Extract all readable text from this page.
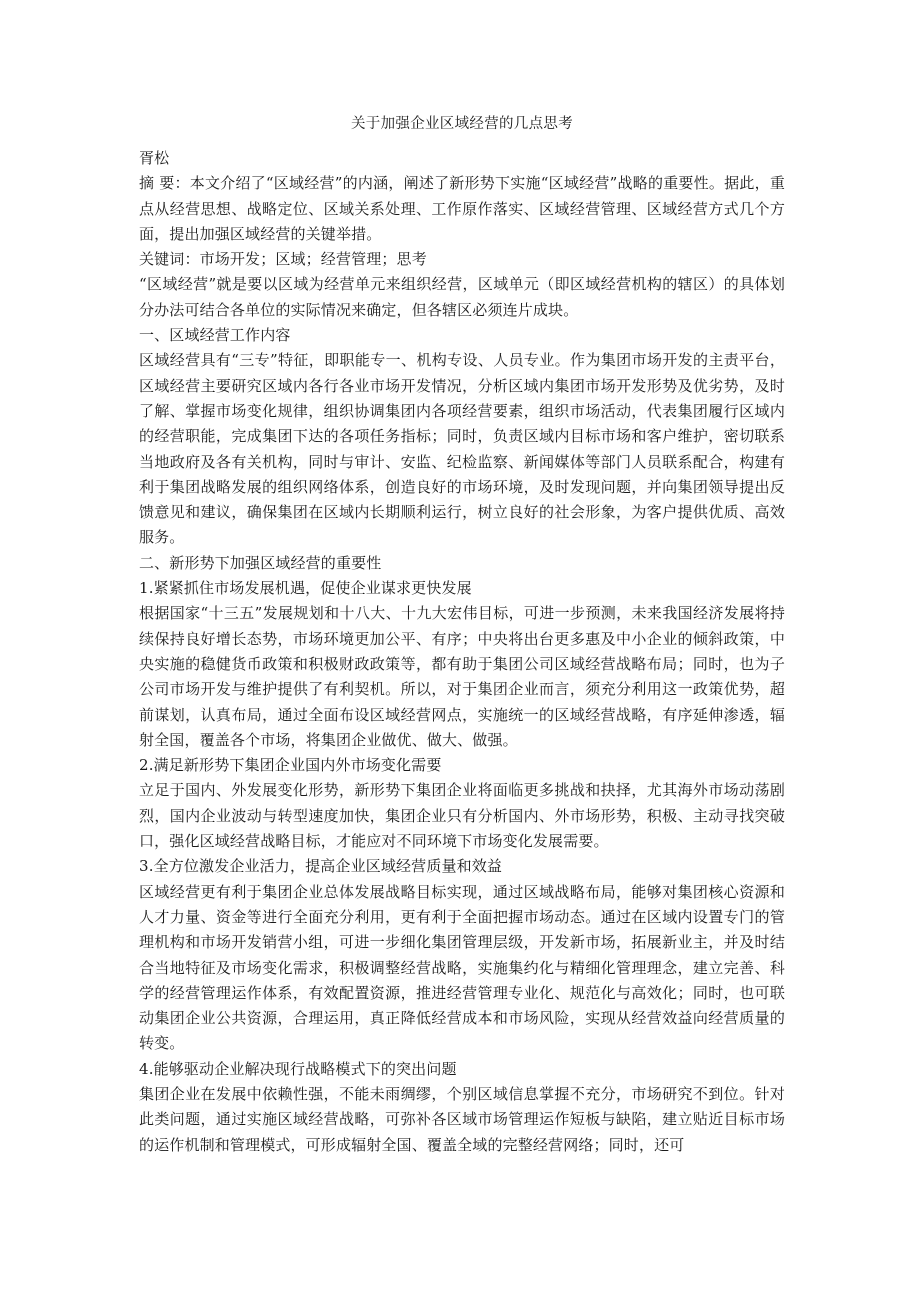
关于加强企业区域经营的几点思考

胥松

摘 要：本文介绍了“区域经营”的内涵，阐述了新形势下实施“区域经营”战略的重要性。据此，重点从经营思想、战略定位、区域关系处理、工作原作落实、区域经营管理、区域经营方式几个方面，提出加强区域经营的关键举措。

关键词：市场开发；区域；经营管理；思考

“区域经营”就是要以区域为经营单元来组织经营，区域单元（即区域经营机构的辖区）的具体划分办法可结合各单位的实际情况来确定，但各辖区必须连片成块。

一、区域经营工作内容

区域经营具有“三专”特征，即职能专一、机构专设、人员专业。作为集团市场开发的主责平台，区域经营主要研究区域内各行各业市场开发情况，分析区域内集团市场开发形势及优劣势，及时了解、掌握市场变化规律，组织协调集团内各项经营要素，组织市场活动，代表集团履行区域内的经营职能，完成集团下达的各项任务指标；同时，负责区域内目标市场和客户维护，密切联系当地政府及各有关机构，同时与审计、安监、纪检监察、新闻媒体等部门人员联系配合，构建有利于集团战略发展的组织网络体系，创造良好的市场环境，及时发现问题，并向集团领导提出反馈意见和建议，确保集团在区域内长期顺利运行，树立良好的社会形象，为客户提供优质、高效服务。

二、新形势下加强区域经营的重要性

1.紧紧抓住市场发展机遇，促使企业谋求更快发展

根据国家“十三五”发展规划和十八大、十九大宏伟目标，可进一步预测，未来我国经济发展将持续保持良好增长态势，市场环境更加公平、有序；中央将出台更多惠及中小企业的倾斜政策，中央实施的稳健货币政策和积极财政政策等，都有助于集团公司区域经营战略布局；同时，也为子公司市场开发与维护提供了有利契机。所以，对于集团企业而言，须充分利用这一政策优势，超前谋划，认真布局，通过全面布设区域经营网点，实施统一的区域经营战略，有序延伸渗透，辐射全国，覆盖各个市场，将集团企业做优、做大、做强。

2.满足新形势下集团企业国内外市场变化需要

立足于国内、外发展变化形势，新形势下集团企业将面临更多挑战和抉择，尤其海外市场动荡剧烈，国内企业波动与转型速度加快，集团企业只有分析国内、外市场形势，积极、主动寻找突破口，强化区域经营战略目标，才能应对不同环境下市场变化发展需要。

3.全方位激发企业活力，提高企业区域经营质量和效益

区域经营更有利于集团企业总体发展战略目标实现，通过区域战略布局，能够对集团核心资源和人才力量、资金等进行全面充分利用，更有利于全面把握市场动态。通过在区域内设置专门的管理机构和市场开发销营小组，可进一步细化集团管理层级，开发新市场，拓展新业主，并及时结合当地特征及市场变化需求，积极调整经营战略，实施集约化与精细化管理理念，建立完善、科学的经营管理运作体系，有效配置资源，推进经营管理专业化、规范化与高效化；同时，也可联动集团企业公共资源，合理运用，真正降低经营成本和市场风险，实现从经营效益向经营质量的转变。

4.能够驱动企业解决现行战略模式下的突出问题

集团企业在发展中依赖性强，不能未雨绸缪，个别区域信息掌握不充分，市场研究不到位。针对此类问题，通过实施区域经营战略，可弥补各区域市场管理运作短板与缺陷，建立贴近目标市场的运作机制和管理模式，可形成辐射全国、覆盖全域的完整经营网络；同时，还可
